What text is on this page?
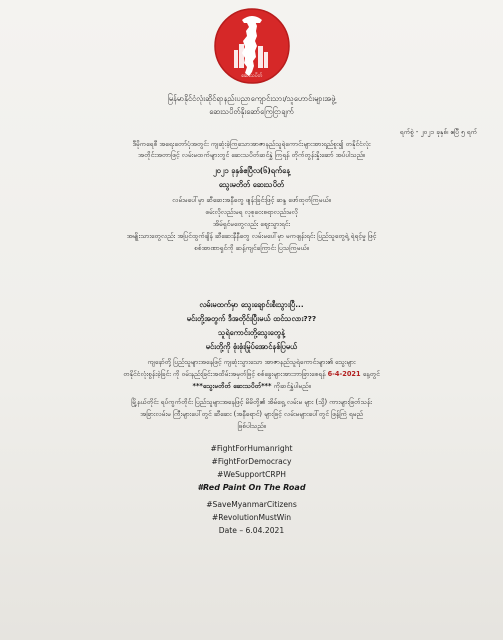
ဆေးသပိတ်
မြန်မာနိုင်ငံလုံးဆိုင်ရာနည်းပညာကျောင်းသား/သူဟောင်းများအဖွဲ့
ဆေးသပိတ်နိုးဆော်ကြေငြာချက်
ရက်စွဲ - ၂၀၂၁ ခုနှစ်၊ ဧပြီ ၅ ရက်
ဒီမိုကရေစီ အရေးတော်ပုံအတွင်း ကျဆုံးခဲ့ကြသောအာဇာနည်သူရဲကောင်းများအားရည်စူး၍ တနိုင်ငံလုံး
အတိုင်းအတာဖြင့် လမ်းမထက်များတွင် ဆေးသပိတ်ဆင်နွှဲ ကြရန် တိုက်တွန်းနှိုးဆော် အပ်ပါသည်။
၂၀၂၁ ခုနှစ်ဧပြီလ(၆)ရက်နေ့
သွေးမတိတ် ဆေးသပိတ်
လမ်းမပေါ်မှာ ဆီဆေးအနီတွေ ဖျန်းခြင်းဖြင့် ဆန္ဒ ဖော်ထုတ်ကြမယ်။
ဖမ်းလိုလည်းမရ လုစုဝေးစရာလည်းမလို
အိမ်ရှင်မတွေလည်း ဈေးသွားရင်း
အမျိုးသားတွေလည်း အပြင်ထွက်ချိန် ဆီဆေးနီနီတွေ လမ်းမပေါ်မှာ မကဖျန်းရင်း ပြည်သူတွေရဲ့ ရဲရင့်မှု ဖြင့်
စစ်အာဏာရှင်ကို ဆန့်ကျင်ကြောင်း ပြသကြမယ်။
လမ်းမထက်မှာ သွေးချောင်းစီးသွားပြီ...
မင်းတို့အတွက် ဒီအတိုင်းပြီးမယ် ထင်သလား???
သူရဲကောင်းတို့သွေးတွေနဲ့
မင်းတို့ကို စုံးစုံးမြုပ်အောင်နစ်ပြမယ်
ကျနော်တို့ ပြည်သူများအနေဖြင့် ကျဆုံးသွားသော အာဇာနည်သူရဲကောင်းများ၏ သွေးများ
တနိုင်ငံလုံးစွန်းခဲ့ခြင်း ကို ဝမ်းနည်းခြင်းအထိမ်းအမှတ်ဖြင့် စစ်ခွေးများအားဘာခြားစေရန် 6-4-2021 နေ့တွင်
***သွေးမတိတ် ဆေးသပိတ်*** ကိုဆင်နွှဲပါမည်။
မြို့နယ်တိုင်း ရပ်ကွက်တိုင်း ပြည်သူများအနေဖြင့် မိမိတို့၏ အိမ်ရှေ့ လမ်းမ များ (သို့) ကားများဖြတ်သန်း
အခြားလမ်းမ ကြီးများပေါ်တွင် ဆီဆေး (အနီရောင်) များဖြင့် လမ်းမများပေါ်တွင် ဖြန့်ကြဲ ရမည်
ဖြစ်ပါသည်။
#FightForHumanright
#FightForDemocracy
#WeSupportCRPH
#Red Paint On The Road
#SaveMyanmarCitizens
#RevolutionMustWin
Date – 6.04.2021
